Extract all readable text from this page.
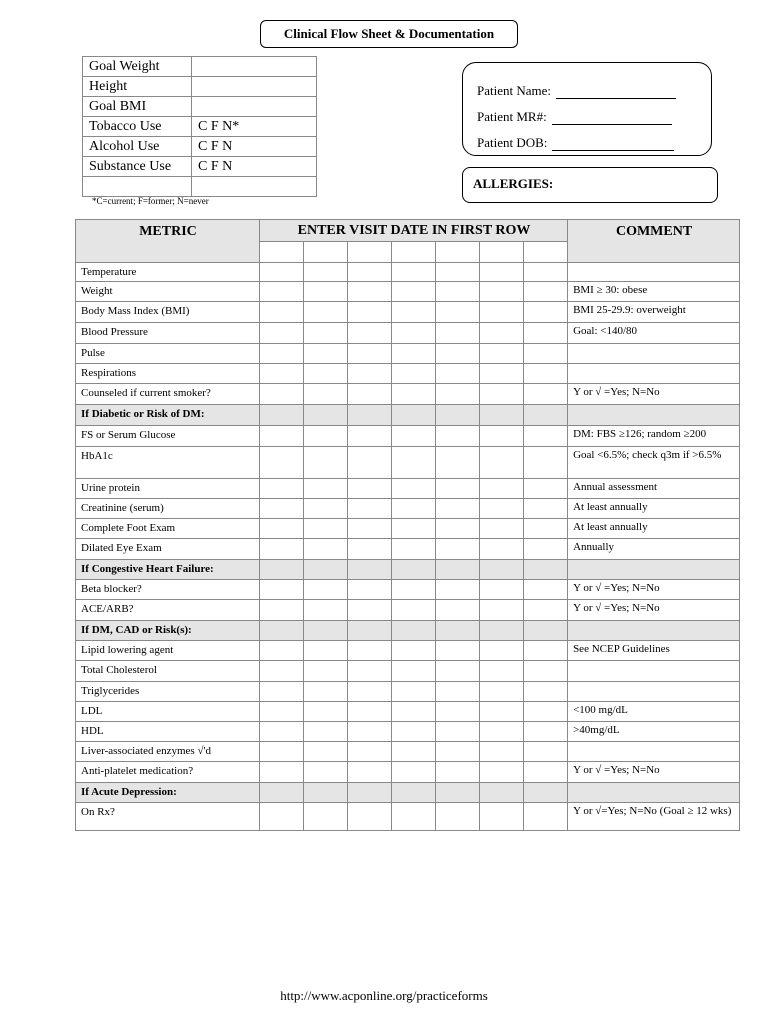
Clinical Flow Sheet & Documentation
Goal Weight	
Height	
Goal BMI	
Tobacco Use	C F N*
Alcohol Use	C F N
Substance Use	C F N

*C=current; F=former; N=never
Patient Name:
Patient MR#:
Patient DOB:
ALLERGIES:
METRIC	ENTER VISIT DATE IN FIRST ROW							COMMENT

Temperature								
Weight								BMI ≥ 30: obese
Body Mass Index (BMI)								BMI 25-29.9: overweight
Blood Pressure								Goal: <140/80
Pulse								
Respirations								
Counseled if current smoker?								Y or √ =Yes; N=No
If Diabetic or Risk of DM:								
FS or Serum Glucose								DM: FBS ≥126; random ≥200
HbA1c								Goal <6.5%; check q3m if >6.5%
Urine protein								Annual assessment
Creatinine (serum)								At least annually
Complete Foot Exam								At least annually
Dilated Eye Exam								Annually
If Congestive Heart Failure:								
Beta blocker?								Y or √ =Yes; N=No
ACE/ARB?								Y or √ =Yes; N=No
If DM, CAD or Risk(s):								
Lipid lowering agent								See NCEP Guidelines
Total Cholesterol								
Triglycerides								
LDL								<100 mg/dL
HDL								>40mg/dL
Liver-associated enzymes √'d								
Anti-platelet medication?								Y or √ =Yes; N=No
If Acute Depression:								
On Rx?								Y or √=Yes; N=No (Goal ≥ 12 wks)
http://www.acponline.org/practiceforms
